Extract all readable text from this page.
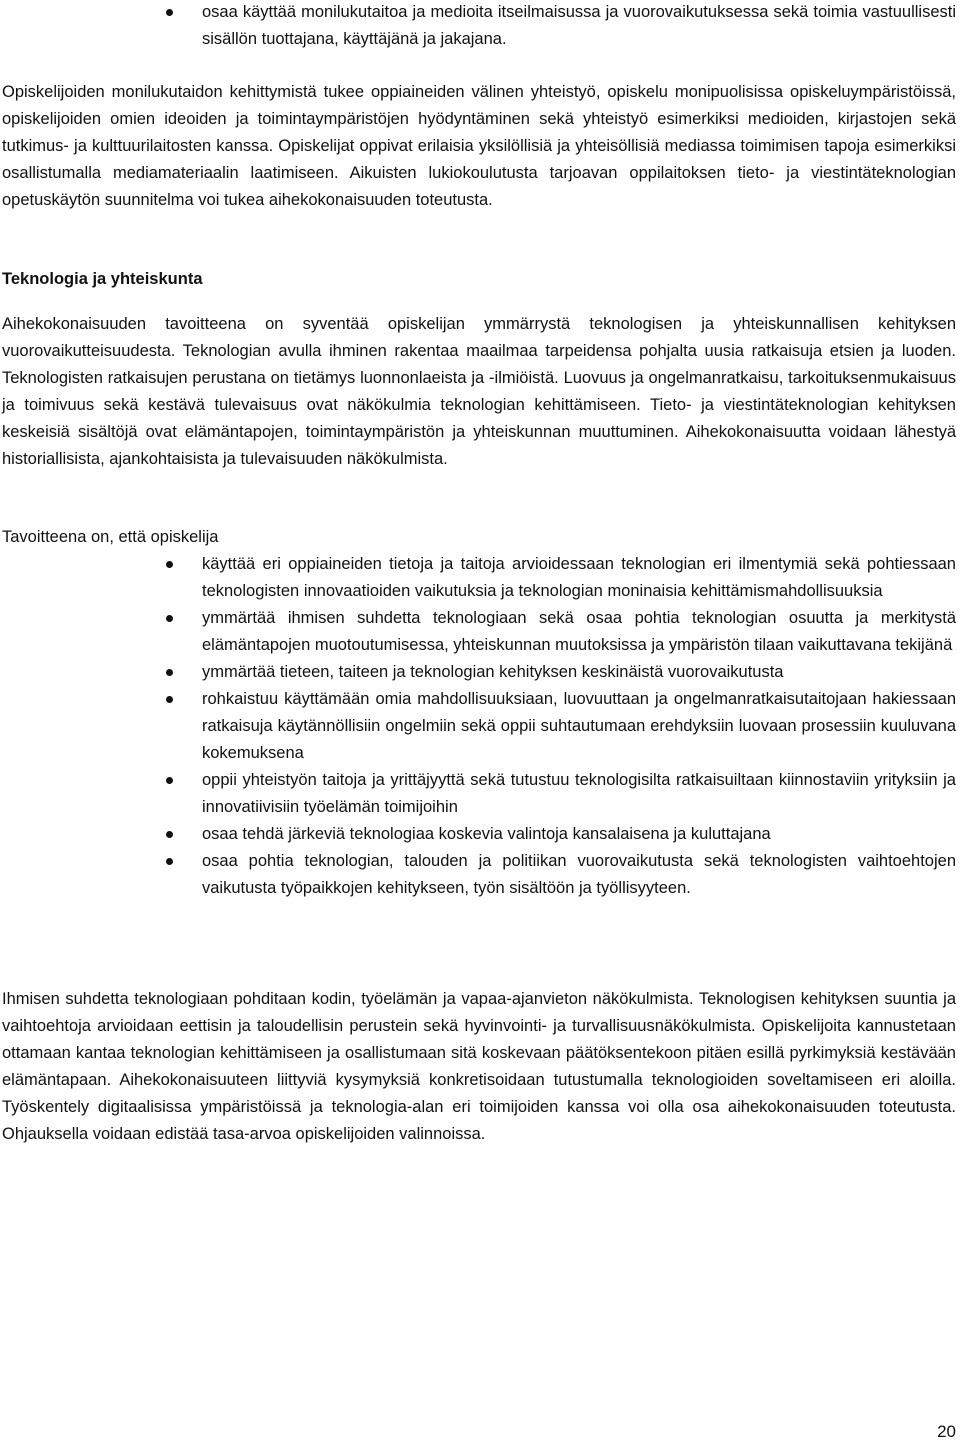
osaa käyttää monilukutaitoa ja medioita itseilmaisussa ja vuorovaikutuksessa sekä toimia vastuullisesti sisällön tuottajana, käyttäjänä ja jakajana.

Opiskelijoiden monilukutaidon kehittymistä tukee oppiaineiden välinen yhteistyö, opiskelu monipuolisissa opiskeluympäristöissä, opiskelijoiden omien ideoiden ja toimintaympäristöjen hyödyntäminen sekä yhteistyö esimerkiksi medioiden, kirjastojen sekä tutkimus- ja kulttuurilaitosten kanssa. Opiskelijat oppivat erilaisia yksilöllisiä ja yhteisöllisiä mediassa toimimisen tapoja esimerkiksi osallistumalla mediamateriaalin laatimiseen. Aikuisten lukiokoulutusta tarjoavan oppilaitoksen tieto- ja viestintäteknologian opetuskäytön suunnitelma voi tukea aihekokonaisuuden toteutusta.

Teknologia ja yhteiskunta

Aihekokonaisuuden tavoitteena on syventää opiskelijan ymmärrystä teknologisen ja yhteiskunnallisen kehityksen vuorovaikutteisuudesta. Teknologian avulla ihminen rakentaa maailmaa tarpeidensa pohjalta uusia ratkaisuja etsien ja luoden. Teknologisten ratkaisujen perustana on tietämys luonnonlaeista ja -ilmiöistä. Luovuus ja ongelmanratkaisu, tarkoituksenmukaisuus ja toimivuus sekä kestävä tulevaisuus ovat näkökulmia teknologian kehittämiseen. Tieto- ja viestintäteknologian kehityksen keskeisiä sisältöjä ovat elämäntapojen, toimintaympäristön ja yhteiskunnan muuttuminen. Aihekokonaisuutta voidaan lähestyä historiallisista, ajankohtaisista ja tulevaisuuden näkökulmista.

Tavoitteena on, että opiskelija

käyttää eri oppiaineiden tietoja ja taitoja arvioidessaan teknologian eri ilmentymiä sekä pohtiessaan teknologisten innovaatioiden vaikutuksia ja teknologian moninaisia kehittämismahdollisuuksia
ymmärtää ihmisen suhdetta teknologiaan sekä osaa pohtia teknologian osuutta ja merkitystä elämäntapojen muotoutumisessa, yhteiskunnan muutoksissa ja ympäristön tilaan vaikuttavana tekijänä
ymmärtää tieteen, taiteen ja teknologian kehityksen keskinäistä vuorovaikutusta
rohkaistuu käyttämään omia mahdollisuuksiaan, luovuuttaan ja ongelmanratkaisutaitojaan hakiessaan ratkaisuja käytännöllisiin ongelmiin sekä oppii suhtautumaan erehdyksiin luovaan prosessiin kuuluvana kokemuksena
oppii yhteistyön taitoja ja yrittäjyyttä sekä tutustuu teknologisilta ratkaisuiltaan kiinnostaviin yrityksiin ja innovatiivisiin työelämän toimijoihin
osaa tehdä järkeviä teknologiaa koskevia valintoja kansalaisena ja kuluttajana
osaa pohtia teknologian, talouden ja politiikan vuorovaikutusta sekä teknologisten vaihtoehtojen vaikutusta työpaikkojen kehitykseen, työn sisältöön ja työllisyyteen.

Ihmisen suhdetta teknologiaan pohditaan kodin, työelämän ja vapaa-ajanvieton näkökulmista. Teknologisen kehityksen suuntia ja vaihtoehtoja arvioidaan eettisin ja taloudellisin perustein sekä hyvinvointi- ja turvallisuusnäkökulmista. Opiskelijoita kannustetaan ottamaan kantaa teknologian kehittämiseen ja osallistumaan sitä koskevaan päätöksentekoon pitäen esillä pyrkimyksiä kestävään elämäntapaan. Aihekokonaisuuteen liittyviä kysymyksiä konkretisoidaan tutustumalla teknologioiden soveltamiseen eri aloilla. Työskentely digitaalisissa ympäristöissä ja teknologia-alan eri toimijoiden kanssa voi olla osa aihekokonaisuuden toteutusta. Ohjauksella voidaan edistää tasa-arvoa opiskelijoiden valinnoissa.

20
